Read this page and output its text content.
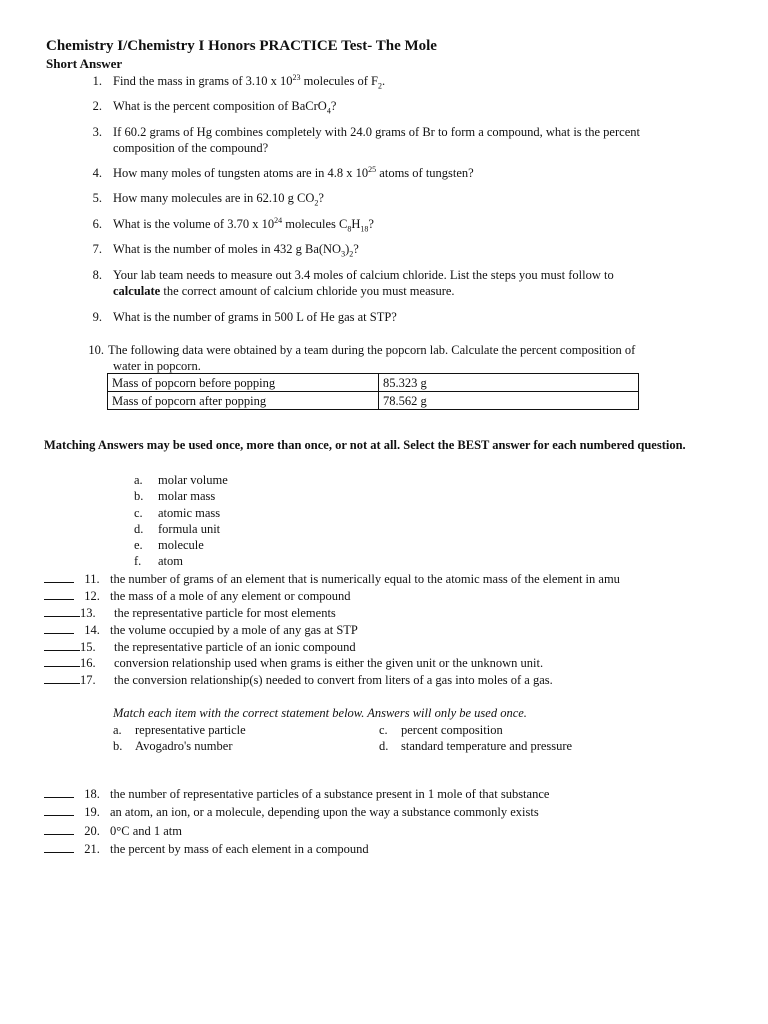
Chemistry I/Chemistry I Honors PRACTICE Test- The Mole
Short Answer
1. Find the mass in grams of 3.10 x $10^{23}$ molecules of $F_2$.
2. What is the percent composition of BaCrO$_4$?
3. If 60.2 grams of Hg combines completely with 24.0 grams of Br to form a compound, what is the percent
composition of the compound?
4. How many moles of tungsten atoms are in 4.8 x $10^{25}$ atoms of tungsten?
5. How many molecules are in 62.10 g $CO_2$?
6. What is the volume of 3.70 x $10^{24}$ molecules $C_8H_{18}$?
7. What is the number of moles in 432 g $Ba(NO_3)_2$?
8. Your lab team needs to measure out 3.4 moles of calcium chloride. List the steps you must follow to
calculate the correct amount of calcium chloride you must measure.
9. What is the number of grams in 500 L of He gas at STP?
10. The following data were obtained by a team during the popcorn lab. Calculate the percent composition of
water in popcorn.
Mass of popcorn before popping	85.323 g
Mass of popcorn after popping	78.562 g
Matching Answers may be used once, more than once, or not at all. Select the BEST answer for each numbered question.
a. molar volume
b. molar mass
c. atomic mass
d. formula unit
e. molecule
f. atom
11. the number of grams of an element that is numerically equal to the atomic mass of the element in amu
12. the mass of a mole of any element or compound
13. the representative particle for most elements
14. the volume occupied by a mole of any gas at STP
15. the representative particle of an ionic compound
16. conversion relationship used when grams is either the given unit or the unknown unit.
17. the conversion relationship(s) needed to convert from liters of a gas into moles of a gas.
Match each item with the correct statement below. Answers will only be used once.
a. representative particle
b. Avogadro's number
c. percent composition
d. standard temperature and pressure
18. the number of representative particles of a substance present in 1 mole of that substance
19. an atom, an ion, or a molecule, depending upon the way a substance commonly exists
20. 0°C and 1 atm
21. the percent by mass of each element in a compound
